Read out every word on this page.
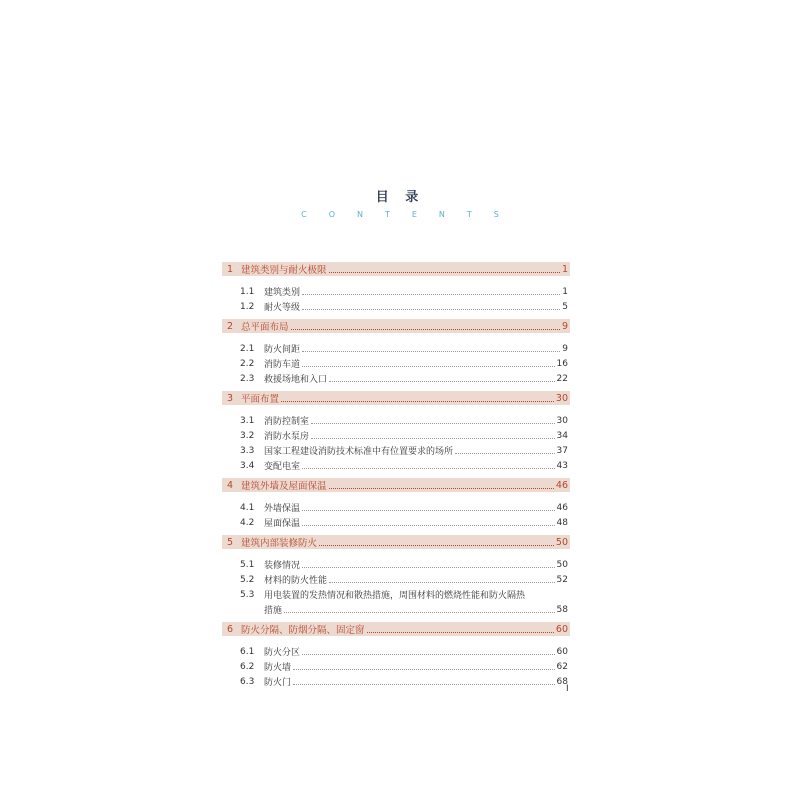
目 录
CONTENTS
1 建筑类别与耐火极限	1
1.1	建筑类别	1
1.2	耐火等级	5
2 总平面布局	9
2.1	防火间距	9
2.2	消防车道	16
2.3	救援场地和入口	22
3 平面布置	30
3.1	消防控制室	30
3.2	消防水泵房	34
3.3	国家工程建设消防技术标准中有位置要求的场所	37
3.4	变配电室	43
4 建筑外墙及屋面保温	46
4.1	外墙保温	46
4.2	屋面保温	48
5 建筑内部装修防火	50
5.1	装修情况	50
5.2	材料的防火性能	52
5.3	用电装置的发热情况和散热措施，周围材料的燃烧性能和防火隔热
措施	58
6 防火分隔、防烟分隔、固定窗	60
6.1	防火分区	60
6.2	防火墙	62
6.3	防火门	68
I
